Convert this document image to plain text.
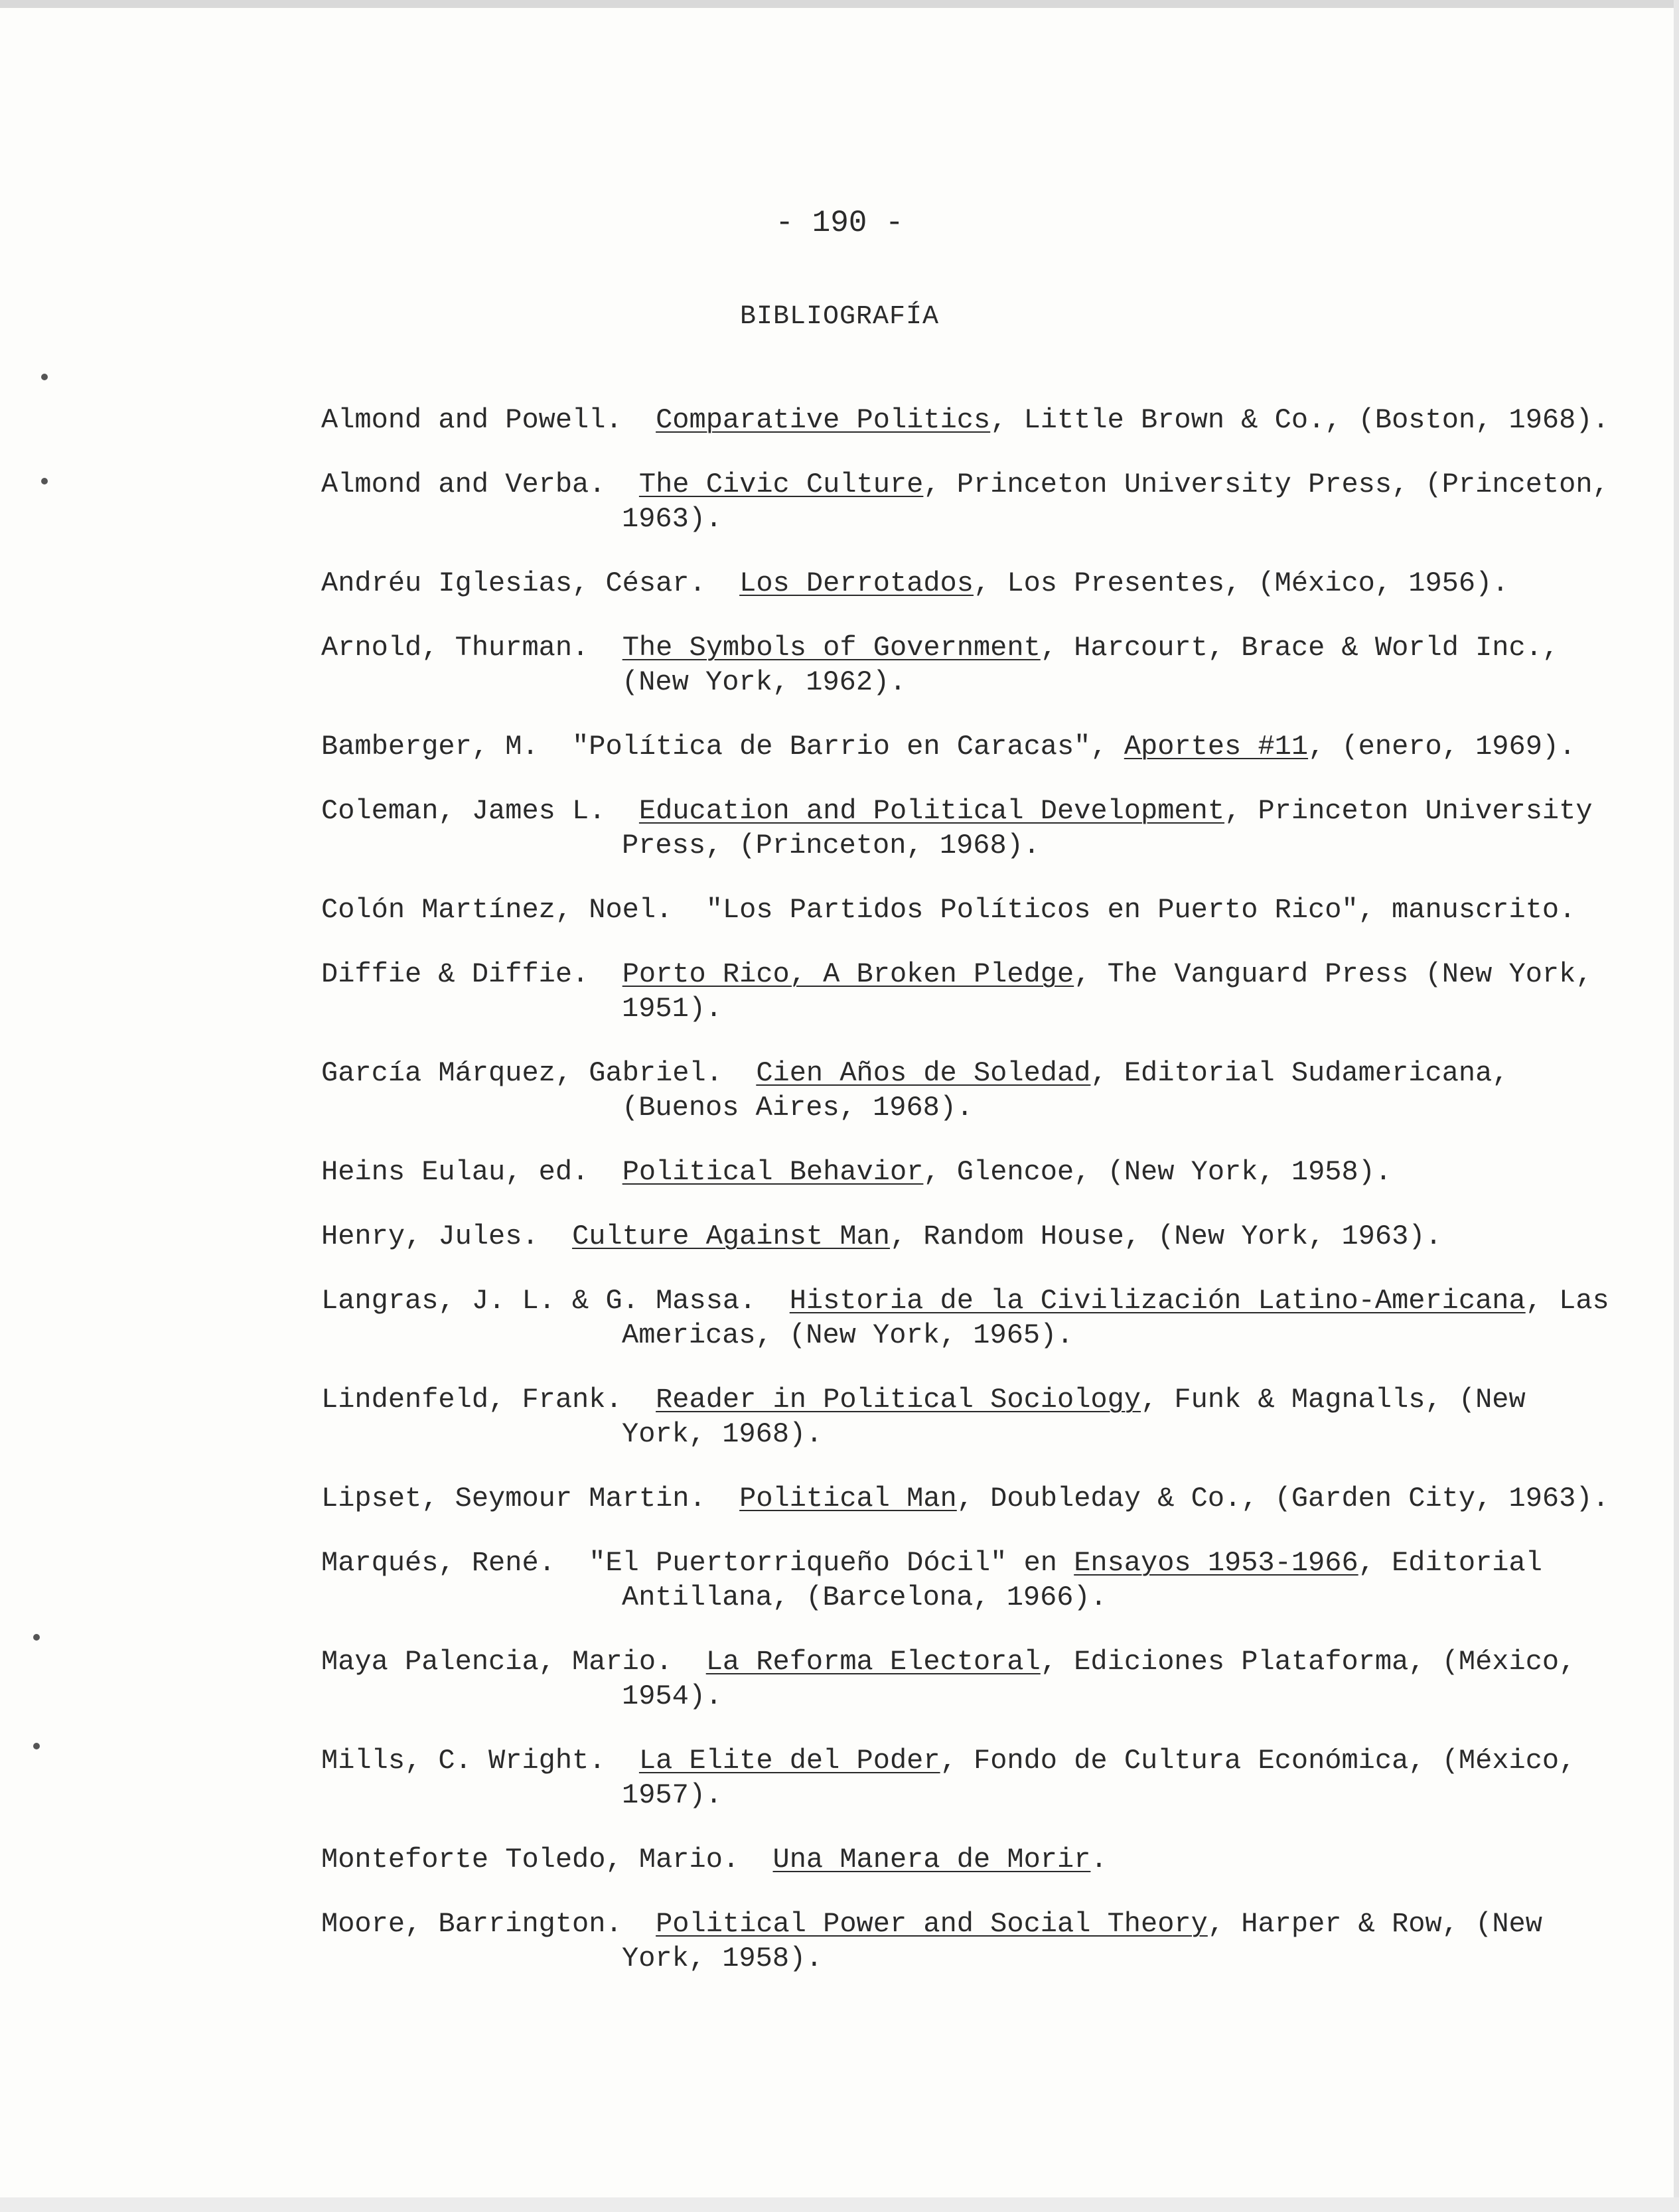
- 190 -
BIBLIOGRAFÍA
Almond and Powell.  Comparative Politics, Little Brown & Co., (Boston, 1968).
Almond and Verba.  The Civic Culture, Princeton University Press, (Princeton, 1963).
Andréu Iglesias, César.  Los Derrotados, Los Presentes, (México, 1956).
Arnold, Thurman.  The Symbols of Government, Harcourt, Brace & World Inc., (New York, 1962).
Bamberger, M.  "Política de Barrio en Caracas", Aportes #11, (enero, 1969).
Coleman, James L.  Education and Political Development, Princeton University Press, (Princeton, 1968).
Colón Martínez, Noel.  "Los Partidos Políticos en Puerto Rico", manuscrito.
Diffie & Diffie.  Porto Rico, A Broken Pledge, The Vanguard Press (New York, 1951).
García Márquez, Gabriel.  Cien Años de Soledad, Editorial Sudamericana, (Buenos Aires, 1968).
Heins Eulau, ed.  Political Behavior, Glencoe, (New York, 1958).
Henry, Jules.  Culture Against Man, Random House, (New York, 1963).
Langras, J. L. & G. Massa.  Historia de la Civilización Latino-Americana, Las Americas, (New York, 1965).
Lindenfeld, Frank.  Reader in Political Sociology, Funk & Magnalls, (New York, 1968).
Lipset, Seymour Martin.  Political Man, Doubleday & Co., (Garden City, 1963).
Marqués, René.  "El Puertorriqueño Dócil" en Ensayos 1953-1966, Editorial Antillana, (Barcelona, 1966).
Maya Palencia, Mario.  La Reforma Electoral, Ediciones Plataforma, (México, 1954).
Mills, C. Wright.  La Elite del Poder, Fondo de Cultura Económica, (México, 1957).
Monteforte Toledo, Mario.  Una Manera de Morir.
Moore, Barrington.  Political Power and Social Theory, Harper & Row, (New York, 1958).
